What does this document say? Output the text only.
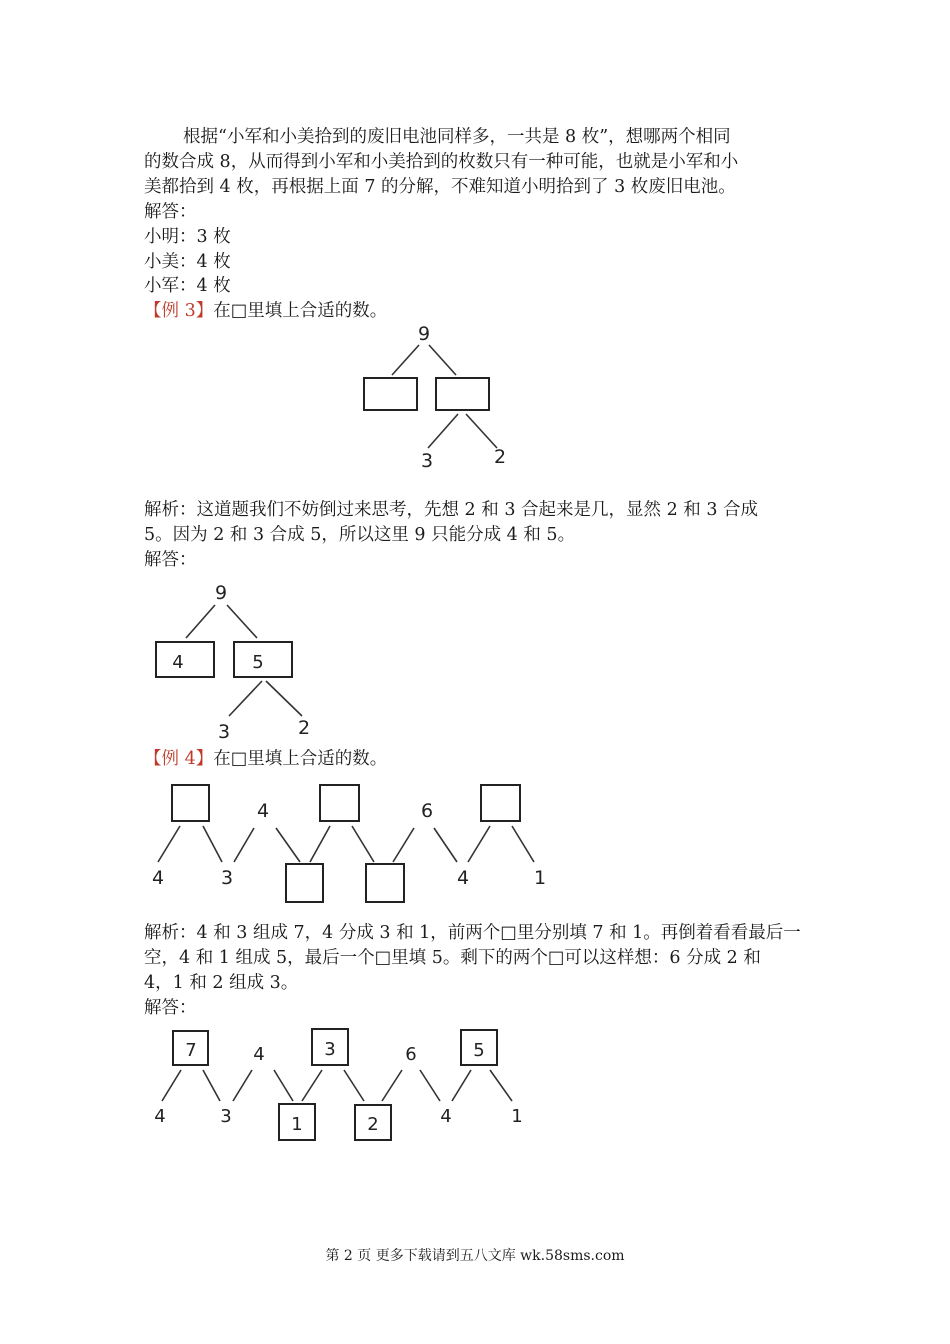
根据“小军和小美拾到的废旧电池同样多，一共是 8 枚”，想哪两个相同

的数合成 8，从而得到小军和小美拾到的枚数只有一种可能，也就是小军和小

美都拾到 4 枚，再根据上面 7 的分解，不难知道小明拾到了 3 枚废旧电池。

解答：

小明：3 枚

小美：4 枚

小军：4 枚

【例 3】在□里填上合适的数。

解析：这道题我们不妨倒过来思考，先想 2 和 3 合起来是几，显然 2 和 3 合成

5。因为 2 和 3 合成 5，所以这里 9 只能分成 4 和 5。

解答：

【例 4】在□里填上合适的数。

解析：4 和 3 组成 7，4 分成 3 和 1，前两个□里分别填 7 和 1。再倒着看看最后一

空，4 和 1 组成 5，最后一个□里填 5。剩下的两个□可以这样想：6 分成 2 和

4，1 和 2 组成 3。

解答：

9
3	2
9
4	5
3	2
4	3
4	6
4	1
7	3	5
1	2
4	3
4	6
4	1
第 2 页 更多下载请到五八文库 wk.58sms.com
